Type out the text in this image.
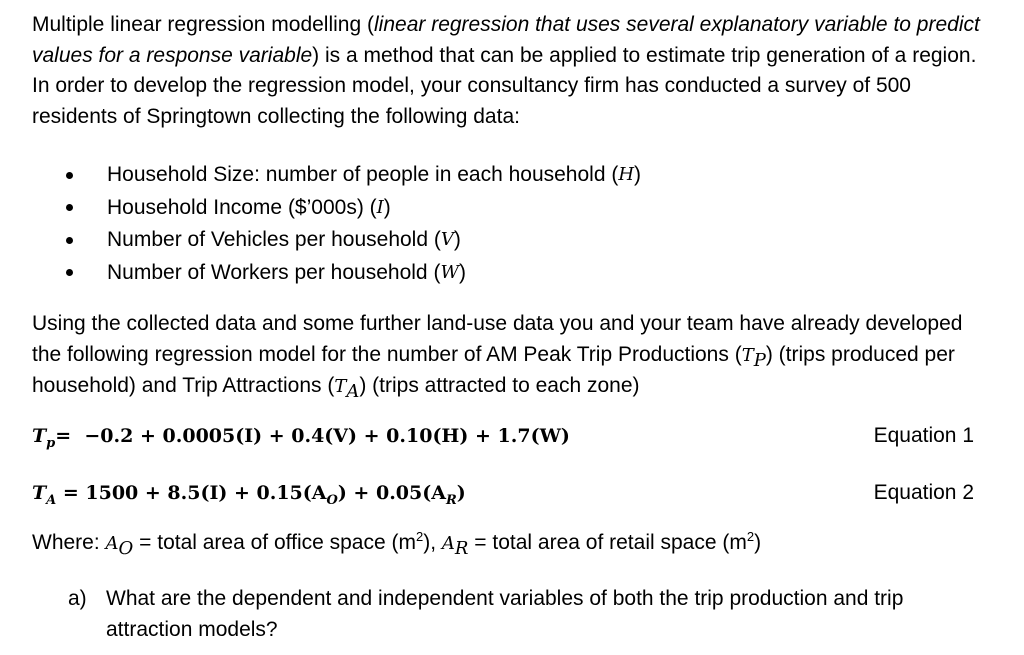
Multiple linear regression modelling (linear regression that uses several explanatory variable to predict values for a response variable) is a method that can be applied to estimate trip generation of a region. In order to develop the regression model, your consultancy firm has conducted a survey of 500 residents of Springtown collecting the following data:
Household Size: number of people in each household ( H )
Household Income ($’000s) ( I )
Number of Vehicles per household ( V )
Number of Workers per household ( W )
Using the collected data and some further land-use data you and your team have already developed the following regression model for the number of AM Peak Trip Productions $(T_P)$ (trips produced per household) and Trip Attractions $(T_A)$ (trips attracted to each zone)
$T_p= -0.2 + 0.0005(I) + 0.4(V) + 0.10(H) + 1.7(W)$	Equation 1
$T_A = 1500 + 8.5(I) + 0.15(A_O) + 0.05(A_R)$	Equation 2
Where: $A_O$ = total area of office space $(m^2)$, $A_R$ = total area of retail space $(m^2)$
a) What are the dependent and independent variables of both the trip production and trip attraction models?
